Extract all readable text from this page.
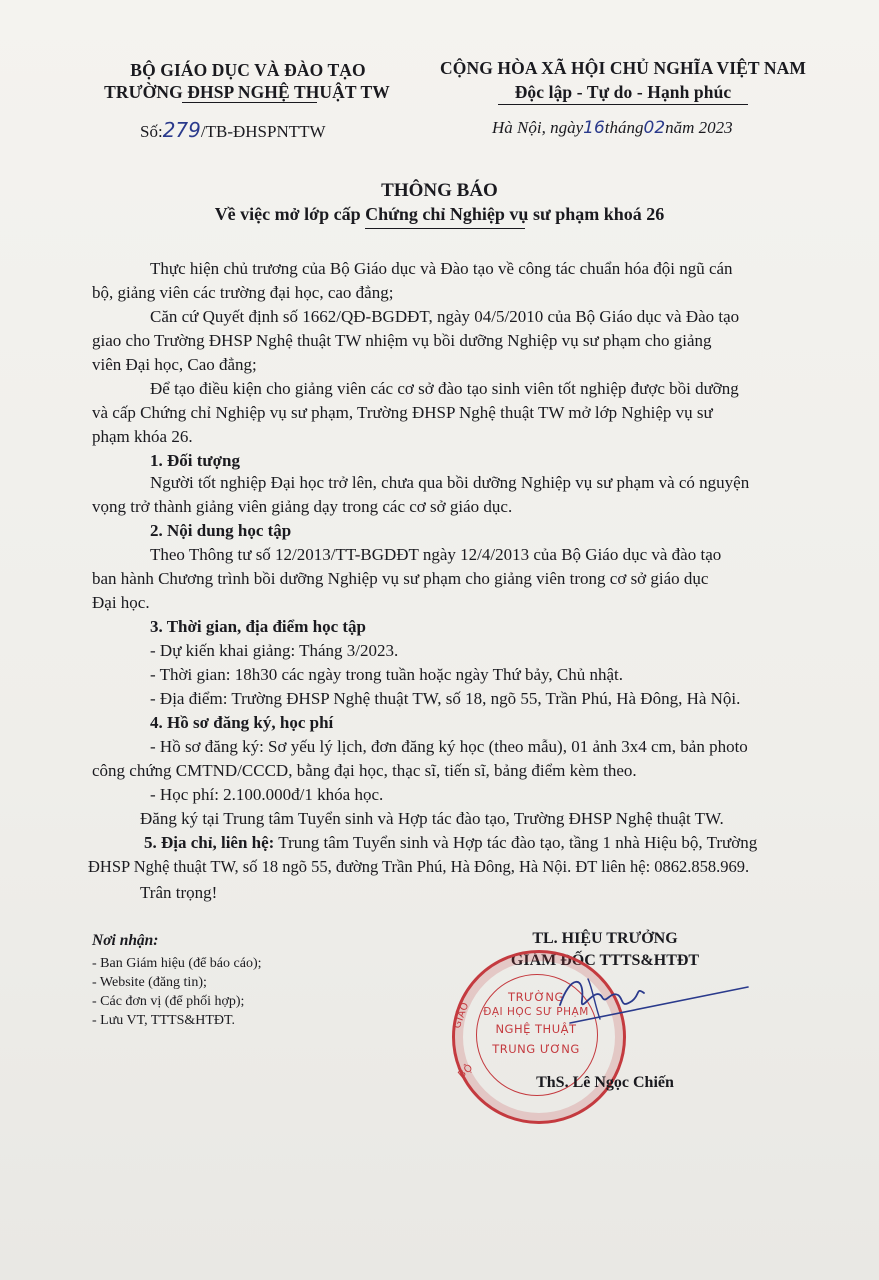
BỘ GIÁO DỤC VÀ ĐÀO TẠO
TRƯỜNG ĐHSP NGHỆ THUẬT TW
Số:279/TB-ĐHSPNTTW
CỘNG HÒA XÃ HỘI CHỦ NGHĨA VIỆT NAM
Độc lập - Tự do - Hạnh phúc
Hà Nội, ngày16tháng02năm 2023
THÔNG BÁO
Về việc mở lớp cấp Chứng chỉ Nghiệp vụ sư phạm khoá 26
Thực hiện chủ trương của Bộ Giáo dục và Đào tạo về công tác chuẩn hóa đội ngũ cán
bộ, giảng viên các trường đại học, cao đẳng;
Căn cứ Quyết định số 1662/QĐ-BGDĐT, ngày 04/5/2010 của Bộ Giáo dục và Đào tạo
giao cho Trường ĐHSP Nghệ thuật TW nhiệm vụ bồi dưỡng Nghiệp vụ sư phạm cho giảng
viên Đại học, Cao đẳng;
Để tạo điều kiện cho giảng viên các cơ sở đào tạo sinh viên tốt nghiệp được bồi dưỡng
và cấp Chứng chỉ Nghiệp vụ sư phạm, Trường ĐHSP Nghệ thuật TW mở lớp Nghiệp vụ sư
phạm khóa 26.
1. Đối tượng
Người tốt nghiệp Đại học trở lên, chưa qua bồi dưỡng Nghiệp vụ sư phạm và có nguyện
vọng trở thành giảng viên giảng dạy trong các cơ sở giáo dục.
2. Nội dung học tập
Theo Thông tư số 12/2013/TT-BGDĐT ngày 12/4/2013 của Bộ Giáo dục và đào tạo
ban hành Chương trình bồi dưỡng Nghiệp vụ sư phạm cho giảng viên trong cơ sở giáo dục
Đại học.
3. Thời gian, địa điểm học tập
- Dự kiến khai giảng: Tháng 3/2023.
- Thời gian: 18h30 các ngày trong tuần hoặc ngày Thứ bảy, Chủ nhật.
- Địa điểm: Trường ĐHSP Nghệ thuật TW, số 18, ngõ 55, Trần Phú, Hà Đông, Hà Nội.
4. Hồ sơ đăng ký, học phí
- Hồ sơ đăng ký: Sơ yếu lý lịch, đơn đăng ký học (theo mẫu), 01 ảnh 3x4 cm, bản photo
công chứng CMTND/CCCD, bằng đại học, thạc sĩ, tiến sĩ, bảng điểm kèm theo.
- Học phí: 2.100.000đ/1 khóa học.
Đăng ký tại Trung tâm Tuyển sinh và Hợp tác đào tạo, Trường ĐHSP Nghệ thuật TW.
5. Địa chỉ, liên hệ: Trung tâm Tuyển sinh và Hợp tác đào tạo, tầng 1 nhà Hiệu bộ, Trường
ĐHSP Nghệ thuật TW, số 18 ngõ 55, đường Trần Phú, Hà Đông, Hà Nội. ĐT liên hệ: 0862.858.969.
Trân trọng!
Nơi nhận:
- Ban Giám hiệu (để báo cáo);
- Website (đăng tin);
- Các đơn vị (để phối hợp);
- Lưu VT, TTTS&HTĐT.
TL. HIỆU TRƯỞNG
GIÁM ĐỐC TTTS&HTĐT
TRƯỜNG
ĐẠI HỌC SƯ PHẠM
NGHỆ THUẬT
TRUNG ƯƠNG
GIÁO
BỘ
ThS. Lê Ngọc Chiến
